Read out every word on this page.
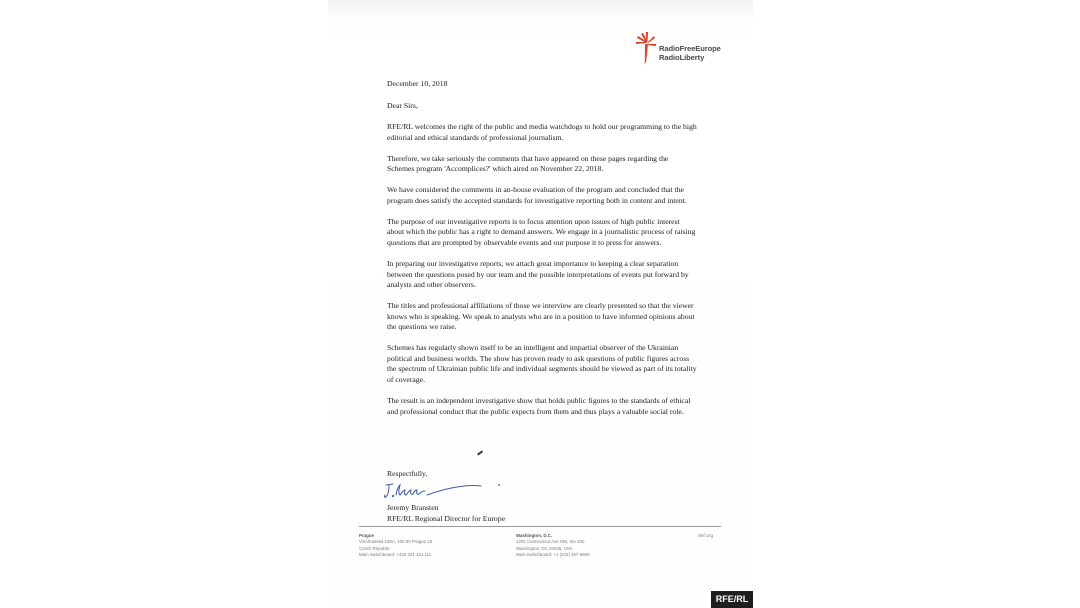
RadioFreeEurope
RadioLiberty

December 10, 2018

Dear Sirs,

RFE/RL welcomes the right of the public and media watchdogs to hold our programming to the high editorial and ethical standards of professional journalism.

Therefore, we take seriously the comments that have appeared on these pages regarding the Schemes program 'Accomplices?' which aired on November 22, 2018.

We have considered the comments in an-house evaluation of the program and concluded that the program does satisfy the accepted standards for investigative reporting both in content and intent.

The purpose of our investigative reports is to focus attention upon issues of high public interest about which the public has a right to demand answers. We engage in a journalistic process of raising questions that are prompted by observable events and our purpose it to press for answers.

In preparing our investigative reports, we attach great importance to keeping a clear separation between the questions posed by our team and the possible interpretations of events put forward by analysts and other observers.

The titles and professional affiliations of those we interview are clearly presented so that the viewer knows who is speaking. We speak to analysts who are in a position to have informed opinions about the questions we raise.

Schemes has regularly shown itself to be an intelligent and impartial observer of the Ukrainian political and business worlds. The show has proven ready to ask questions of public figures across the spectrum of Ukrainian public life and individual segments should be viewed as part of its totality of coverage.

The result is an independent investigative show that holds public figures to the standards of ethical and professional conduct that the public expects from them and thus plays a valuable social role.

Respectfully,
Jeremy Bransten
RFE/RL Regional Director for Europe
Prague
Vinohradská 159A, 100 00 Prague 10
Czech Republic
Main Switchboard: +420 221 121 111
Washington, D.C.
1201 Connecticut Ave NW, Ste 400
Washington, DC 20036, USA
Main Switchboard: +1 (202) 457-6900
rferl.org
RFE/RL
